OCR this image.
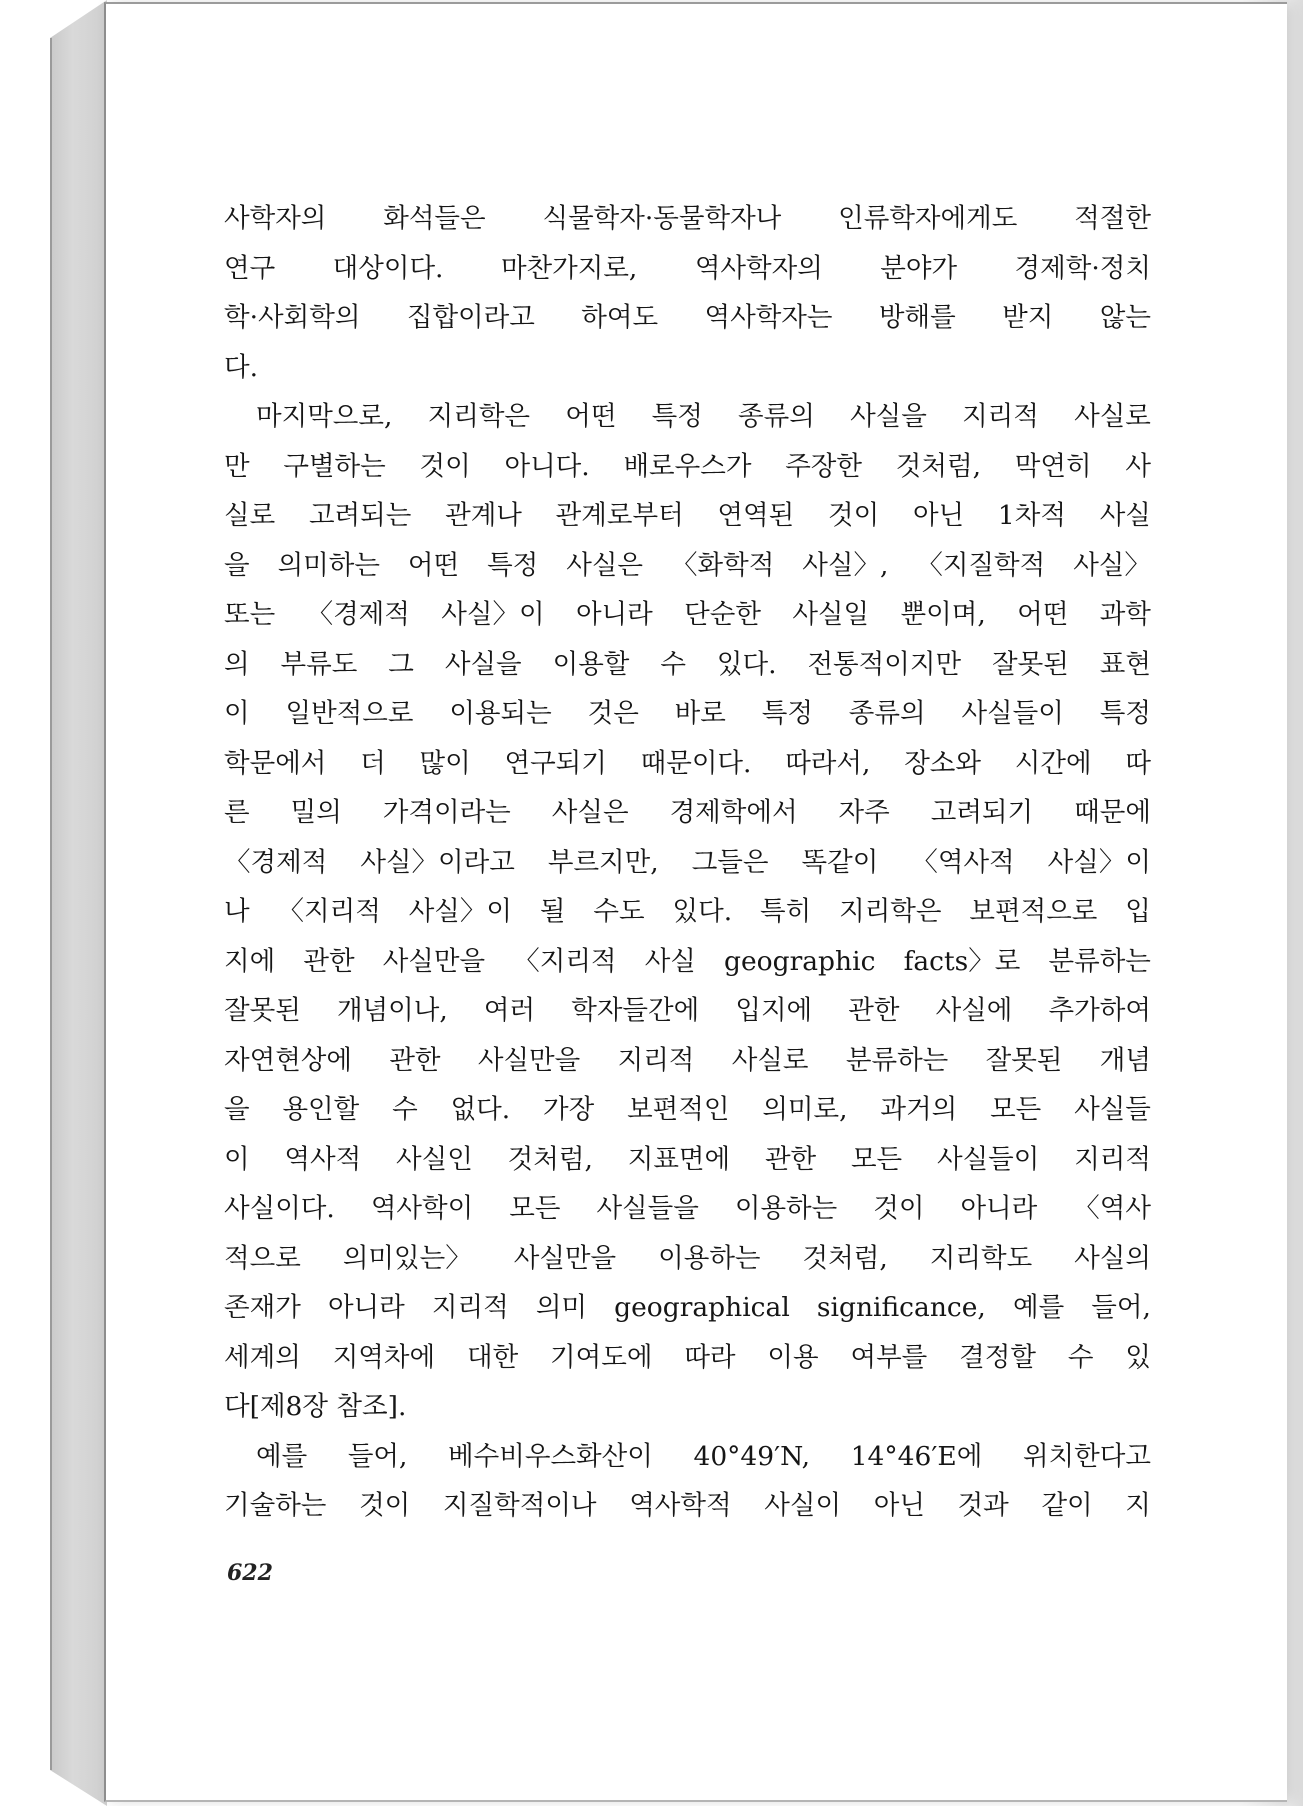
사학자의 화석들은 식물학자·동물학자나 인류학자에게도 적절한
연구 대상이다. 마찬가지로, 역사학자의 분야가 경제학·정치
학·사회학의 집합이라고 하여도 역사학자는 방해를 받지 않는
다.
마지막으로, 지리학은 어떤 특정 종류의 사실을 지리적 사실로
만 구별하는 것이 아니다. 배로우스가 주장한 것처럼, 막연히 사
실로 고려되는 관계나 관계로부터 연역된 것이 아닌 1차적 사실
을 의미하는 어떤 특정 사실은 〈화학적 사실〉, 〈지질학적 사실〉
또는 〈경제적 사실〉이 아니라 단순한 사실일 뿐이며, 어떤 과학
의 부류도 그 사실을 이용할 수 있다. 전통적이지만 잘못된 표현
이 일반적으로 이용되는 것은 바로 특정 종류의 사실들이 특정
학문에서 더 많이 연구되기 때문이다. 따라서, 장소와 시간에 따
른 밀의 가격이라는 사실은 경제학에서 자주 고려되기 때문에
〈경제적 사실〉이라고 부르지만, 그들은 똑같이 〈역사적 사실〉이
나 〈지리적 사실〉이 될 수도 있다. 특히 지리학은 보편적으로 입
지에 관한 사실만을 〈지리적 사실 geographic facts〉로 분류하는
잘못된 개념이나, 여러 학자들간에 입지에 관한 사실에 추가하여
자연현상에 관한 사실만을 지리적 사실로 분류하는 잘못된 개념
을 용인할 수 없다. 가장 보편적인 의미로, 과거의 모든 사실들
이 역사적 사실인 것처럼, 지표면에 관한 모든 사실들이 지리적
사실이다. 역사학이 모든 사실들을 이용하는 것이 아니라 〈역사
적으로 의미있는〉 사실만을 이용하는 것처럼, 지리학도 사실의
존재가 아니라 지리적 의미 geographical significance, 예를 들어,
세계의 지역차에 대한 기여도에 따라 이용 여부를 결정할 수 있
다[제8장 참조].
예를 들어, 베수비우스화산이 40°49′N, 14°46′E에 위치한다고
기술하는 것이 지질학적이나 역사학적 사실이 아닌 것과 같이 지
622
